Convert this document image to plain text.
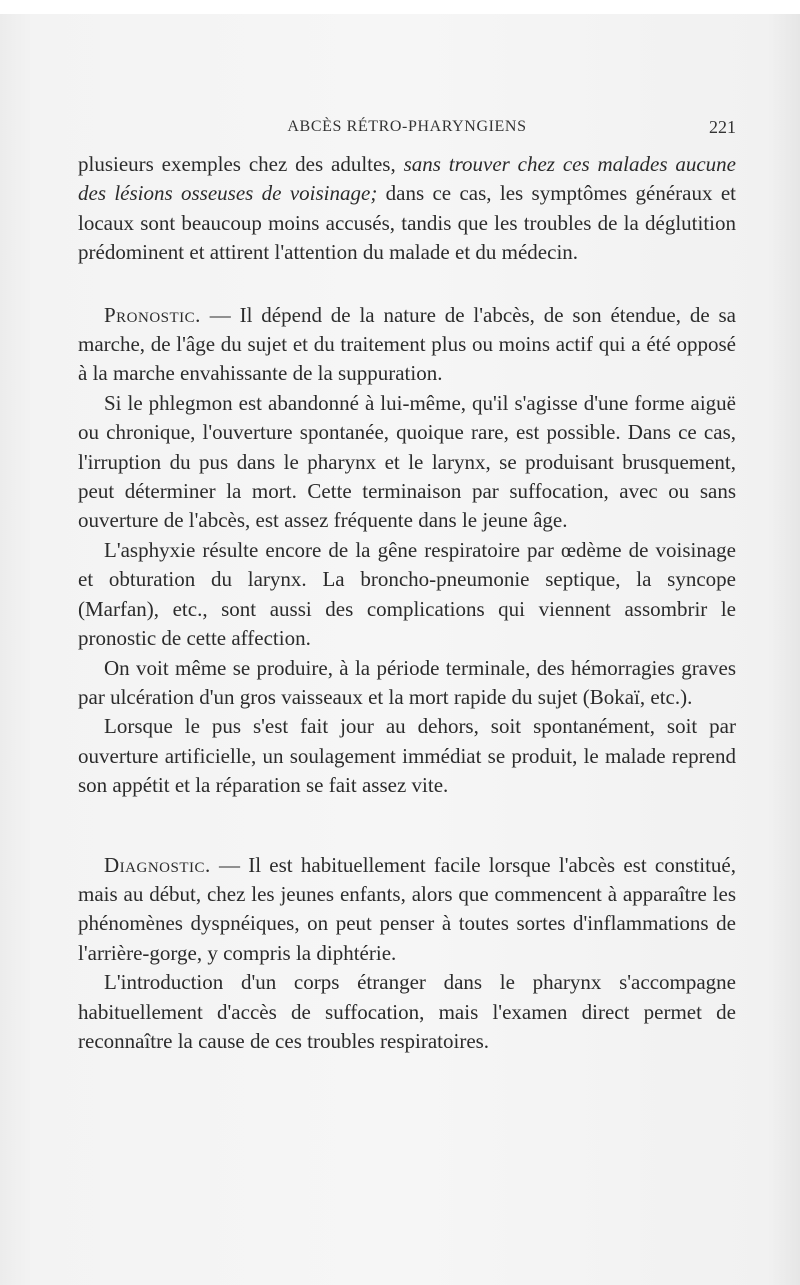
ABCÈS RÉTRO-PHARYNGIENS	221

plusieurs exemples chez des adultes, sans trouver chez ces malades aucune des lésions osseuses de voisinage; dans ce cas, les symptômes généraux et locaux sont beaucoup moins accusés, tandis que les troubles de la déglutition prédominent et attirent l'attention du malade et du médecin.

Pronostic. — Il dépend de la nature de l'abcès, de son étendue, de sa marche, de l'âge du sujet et du traitement plus ou moins actif qui a été opposé à la marche envahissante de la suppuration.

Si le phlegmon est abandonné à lui-même, qu'il s'agisse d'une forme aiguë ou chronique, l'ouverture spontanée, quoique rare, est possible. Dans ce cas, l'irruption du pus dans le pharynx et le larynx, se produisant brusquement, peut déterminer la mort. Cette terminaison par suffocation, avec ou sans ouverture de l'abcès, est assez fréquente dans le jeune âge.

L'asphyxie résulte encore de la gêne respiratoire par œdème de voisinage et obturation du larynx. La broncho-pneumonie septique, la syncope (Marfan), etc., sont aussi des complications qui viennent assombrir le pronostic de cette affection.

On voit même se produire, à la période terminale, des hémorragies graves par ulcération d'un gros vaisseaux et la mort rapide du sujet (Bokaï, etc.).

Lorsque le pus s'est fait jour au dehors, soit spontanément, soit par ouverture artificielle, un soulagement immédiat se produit, le malade reprend son appétit et la réparation se fait assez vite.

Diagnostic. — Il est habituellement facile lorsque l'abcès est constitué, mais au début, chez les jeunes enfants, alors que commencent à apparaître les phénomènes dyspnéiques, on peut penser à toutes sortes d'inflammations de l'arrière-gorge, y compris la diphtérie.

L'introduction d'un corps étranger dans le pharynx s'accompagne habituellement d'accès de suffocation, mais l'examen direct permet de reconnaître la cause de ces troubles respiratoires.
